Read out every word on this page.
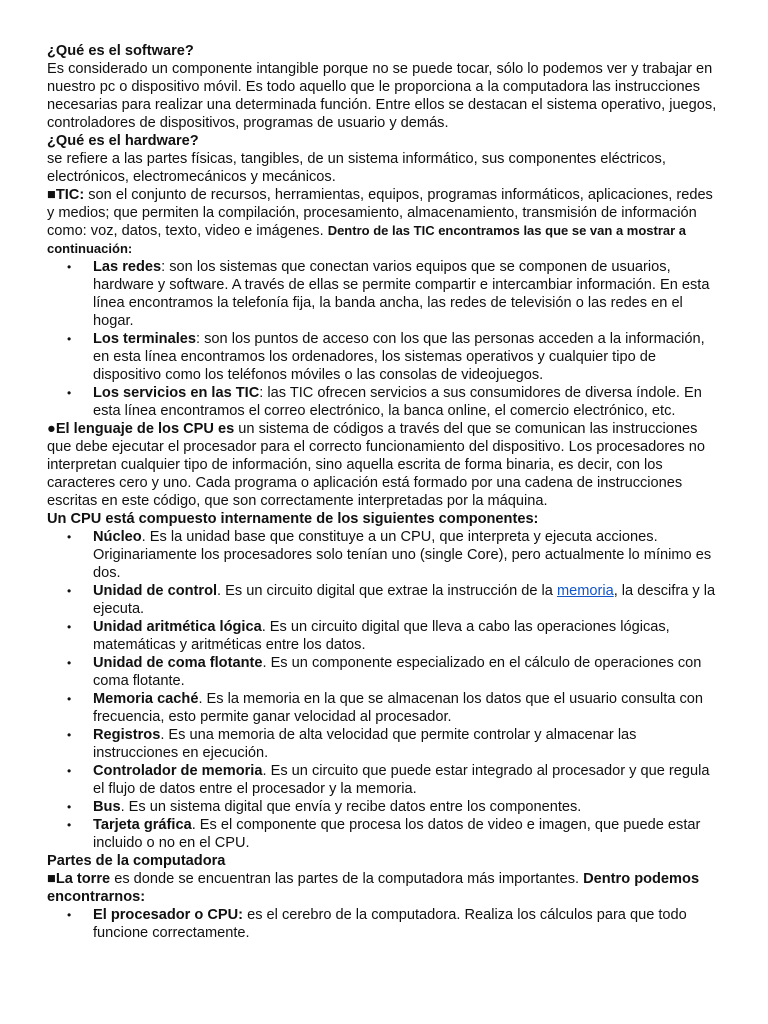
¿Qué es el software?

Es considerado un componente intangible porque no se puede tocar, sólo lo podemos ver y trabajar en nuestro pc o dispositivo móvil. Es todo aquello que le proporciona a la computadora las instrucciones necesarias para realizar una determinada función. Entre ellos se destacan el sistema operativo, juegos, controladores de dispositivos, programas de usuario y demás.

¿Qué es el hardware?

se refiere a las partes físicas, tangibles, de un sistema informático, sus componentes eléctricos, electrónicos, electromecánicos y mecánicos.

■TIC: son el conjunto de recursos, herramientas, equipos, programas informáticos, aplicaciones, redes y medios; que permiten la compilación, procesamiento, almacenamiento, transmisión de información como: voz, datos, texto, video e imágenes. Dentro de las TIC encontramos las que se van a mostrar a continuación:

• Las redes: son los sistemas que conectan varios equipos que se componen de usuarios, hardware y software. A través de ellas se permite compartir e intercambiar información. En esta línea encontramos la telefonía fija, la banda ancha, las redes de televisión o las redes en el hogar.
• Los terminales: son los puntos de acceso con los que las personas acceden a la información, en esta línea encontramos los ordenadores, los sistemas operativos y cualquier tipo de dispositivo como los teléfonos móviles o las consolas de videojuegos.
• Los servicios en las TIC: las TIC ofrecen servicios a sus consumidores de diversa índole. En esta línea encontramos el correo electrónico, la banca online, el comercio electrónico, etc.

●El lenguaje de los CPU es un sistema de códigos a través del que se comunican las instrucciones que debe ejecutar el procesador para el correcto funcionamiento del dispositivo. Los procesadores no interpretan cualquier tipo de información, sino aquella escrita de forma binaria, es decir, con los caracteres cero y uno. Cada programa o aplicación está formado por una cadena de instrucciones escritas en este código, que son correctamente interpretadas por la máquina.

Un CPU está compuesto internamente de los siguientes componentes:

• Núcleo. Es la unidad base que constituye a un CPU, que interpreta y ejecuta acciones. Originariamente los procesadores solo tenían uno (single Core), pero actualmente lo mínimo es dos.
• Unidad de control. Es un circuito digital que extrae la instrucción de la memoria, la descifra y la ejecuta.
• Unidad aritmética lógica. Es un circuito digital que lleva a cabo las operaciones lógicas, matemáticas y aritméticas entre los datos.
• Unidad de coma flotante. Es un componente especializado en el cálculo de operaciones con coma flotante.
• Memoria caché. Es la memoria en la que se almacenan los datos que el usuario consulta con frecuencia, esto permite ganar velocidad al procesador.
• Registros. Es una memoria de alta velocidad que permite controlar y almacenar las instrucciones en ejecución.
• Controlador de memoria. Es un circuito que puede estar integrado al procesador y que regula el flujo de datos entre el procesador y la memoria.
• Bus. Es un sistema digital que envía y recibe datos entre los componentes.
• Tarjeta gráfica. Es el componente que procesa los datos de video e imagen, que puede estar incluido o no en el CPU.

Partes de la computadora

■La torre es donde se encuentran las partes de la computadora más importantes. Dentro podemos encontrarnos:

• El procesador o CPU: es el cerebro de la computadora. Realiza los cálculos para que todo funcione correctamente.
